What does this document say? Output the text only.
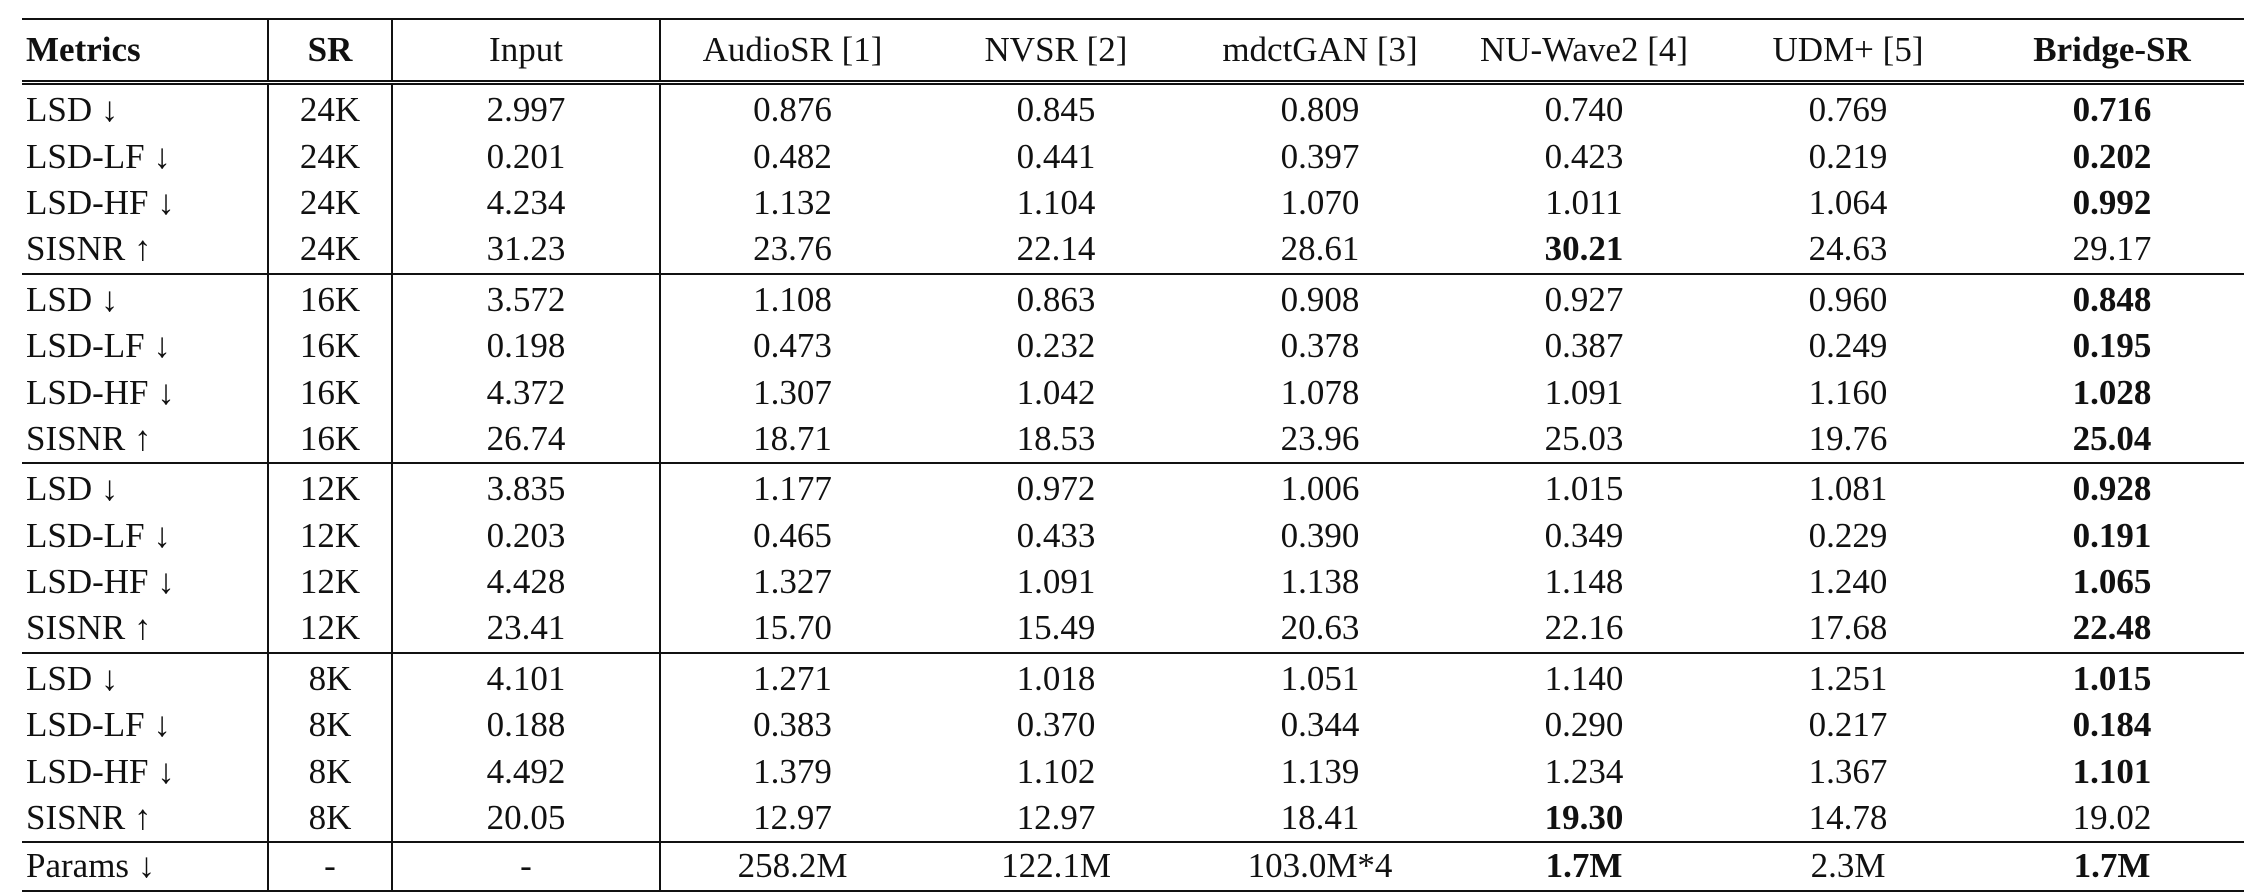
Metrics	SR	Input	AudioSR [1]	NVSR [2]	mdctGAN [3]	NU-Wave2 [4]	UDM+ [5]	Bridge-SR
LSD ↓	24K	2.997	0.876	0.845	0.809	0.740	0.769	0.716
LSD-LF ↓	24K	0.201	0.482	0.441	0.397	0.423	0.219	0.202
LSD-HF ↓	24K	4.234	1.132	1.104	1.070	1.011	1.064	0.992
SISNR ↑	24K	31.23	23.76	22.14	28.61	30.21	24.63	29.17
LSD ↓	16K	3.572	1.108	0.863	0.908	0.927	0.960	0.848
LSD-LF ↓	16K	0.198	0.473	0.232	0.378	0.387	0.249	0.195
LSD-HF ↓	16K	4.372	1.307	1.042	1.078	1.091	1.160	1.028
SISNR ↑	16K	26.74	18.71	18.53	23.96	25.03	19.76	25.04
LSD ↓	12K	3.835	1.177	0.972	1.006	1.015	1.081	0.928
LSD-LF ↓	12K	0.203	0.465	0.433	0.390	0.349	0.229	0.191
LSD-HF ↓	12K	4.428	1.327	1.091	1.138	1.148	1.240	1.065
SISNR ↑	12K	23.41	15.70	15.49	20.63	22.16	17.68	22.48
LSD ↓	8K	4.101	1.271	1.018	1.051	1.140	1.251	1.015
LSD-LF ↓	8K	0.188	0.383	0.370	0.344	0.290	0.217	0.184
LSD-HF ↓	8K	4.492	1.379	1.102	1.139	1.234	1.367	1.101
SISNR ↑	8K	20.05	12.97	12.97	18.41	19.30	14.78	19.02
Params ↓	-	-	258.2M	122.1M	103.0M*4	1.7M	2.3M	1.7M
